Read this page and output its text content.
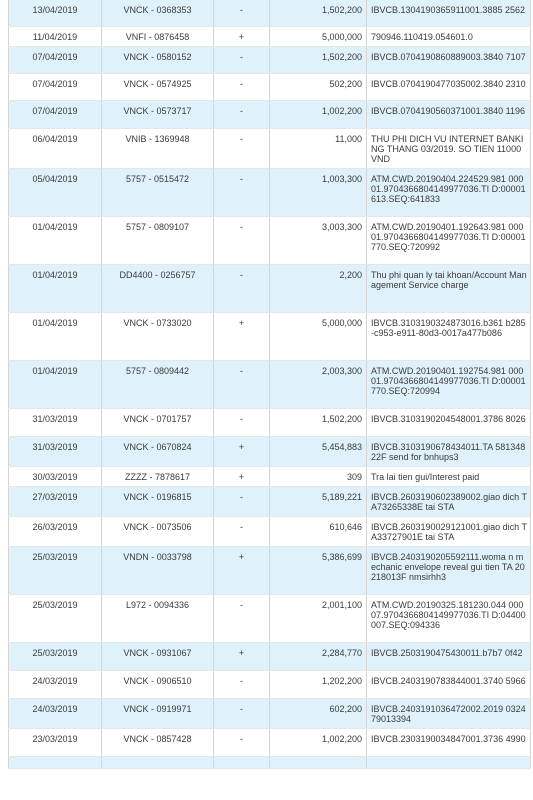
13/04/2019	VNCK - 0368353	-	1,502,200	IBVCB.1304190365911001.3885 2562
11/04/2019	VNFI - 0876458	+	5,000,000	790946.110419.054601.0
07/04/2019	VNCK - 0580152	-	1,502,200	IBVCB.0704190860889003.3840 7107
07/04/2019	VNCK - 0574925	-	502,200	IBVCB.0704190477035002.3840 2310
07/04/2019	VNCK - 0573717	-	1,002,200	IBVCB.0704190560371001.3840 1196
06/04/2019	VNIB - 1369948	-	11,000	THU PHI DICH VU INTERNET BANKING THANG 03/2019. SO TIEN 11000 VND
05/04/2019	5757 - 0515472	-	1,003,300	ATM.CWD.20190404.224529.981 00001.9704366804149977036.TI D:00001613.SEQ:641833
01/04/2019	5757 - 0809107	-	3,003,300	ATM.CWD.20190401.192643.981 00001.9704366804149977036.TI D:00001770.SEQ:720992
01/04/2019	DD4400 - 0256757	-	2,200	Thu phi quan ly tai khoan/Account Management Service charge
01/04/2019	VNCK - 0733020	+	5,000,000	IBVCB.3103190324873016.b361 b285-c953-e911-80d3-0017a477b086
01/04/2019	5757 - 0809442	-	2,003,300	ATM.CWD.20190401.192754.981 00001.9704366804149977036.TI D:00001770.SEQ:720994
31/03/2019	VNCK - 0701757	-	1,502,200	IBVCB.3103190204548001.3786 8026
31/03/2019	VNCK - 0670824	+	5,454,883	IBVCB.3103190678434011.TA 58134822F send for bnhups3
30/03/2019	ZZZZ - 7878617	+	309	Tra lai tien gui/Interest paid
27/03/2019	VNCK - 0196815	-	5,189,221	IBVCB.2603190602389002.giao dich TA73265338E tai STA
26/03/2019	VNCK - 0073506	-	610,646	IBVCB.2603190029121001.giao dich TA33727901E tai STA
25/03/2019	VNDN - 0033798	+	5,386,699	IBVCB.2403190205592111.woma n mechanic envelope reveal gui tien TA 20218013F nmsirhh3
25/03/2019	L972 - 0094336	-	2,001,100	ATM.CWD.20190325.181230.044 00007.9704366804149977036.TI D:04400007.SEQ:094336
25/03/2019	VNCK - 0931067	+	2,284,770	IBVCB.2503190475430011.b7b7 0f42
24/03/2019	VNCK - 0906510	-	1,202,200	IBVCB.2403190783844001.3740 5966
24/03/2019	VNCK - 0919971	-	602,200	IBVCB.2403191036472002.2019 032479013394
23/03/2019	VNCK - 0857428	-	1,002,200	IBVCB.2303190034847001.3736 4990
